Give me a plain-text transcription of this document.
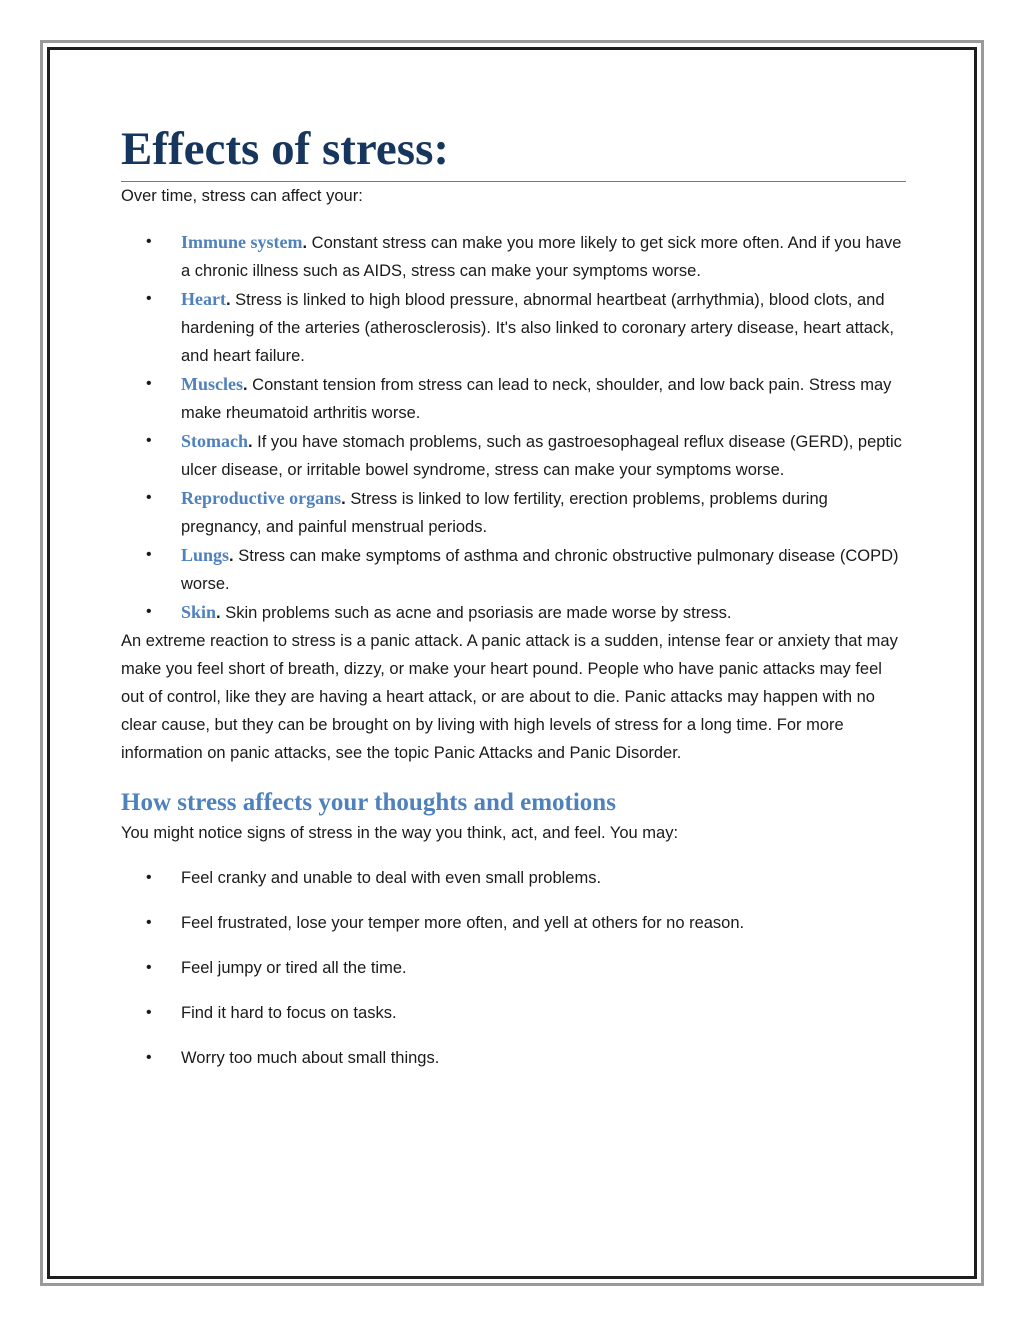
Effects of stress:

Over time, stress can affect your:

•	Immune system. Constant stress can make you more likely to get sick more often. And if you have a chronic illness such as AIDS, stress can make your symptoms worse.
•	Heart. Stress is linked to high blood pressure, abnormal heartbeat (arrhythmia), blood clots, and hardening of the arteries (atherosclerosis). It's also linked to coronary artery disease, heart attack, and heart failure.
•	Muscles. Constant tension from stress can lead to neck, shoulder, and low back pain. Stress may make rheumatoid arthritis worse.
•	Stomach. If you have stomach problems, such as gastroesophageal reflux disease (GERD), peptic ulcer disease, or irritable bowel syndrome, stress can make your symptoms worse.
•	Reproductive organs. Stress is linked to low fertility, erection problems, problems during pregnancy, and painful menstrual periods.
•	Lungs. Stress can make symptoms of asthma and chronic obstructive pulmonary disease (COPD) worse.
•	Skin. Skin problems such as acne and psoriasis are made worse by stress.

An extreme reaction to stress is a panic attack. A panic attack is a sudden, intense fear or anxiety that may make you feel short of breath, dizzy, or make your heart pound. People who have panic attacks may feel out of control, like they are having a heart attack, or are about to die. Panic attacks may happen with no clear cause, but they can be brought on by living with high levels of stress for a long time. For more information on panic attacks, see the topic Panic Attacks and Panic Disorder.

How stress affects your thoughts and emotions

You might notice signs of stress in the way you think, act, and feel. You may:

•	Feel cranky and unable to deal with even small problems.
•	Feel frustrated, lose your temper more often, and yell at others for no reason.
•	Feel jumpy or tired all the time.
•	Find it hard to focus on tasks.
•	Worry too much about small things.
